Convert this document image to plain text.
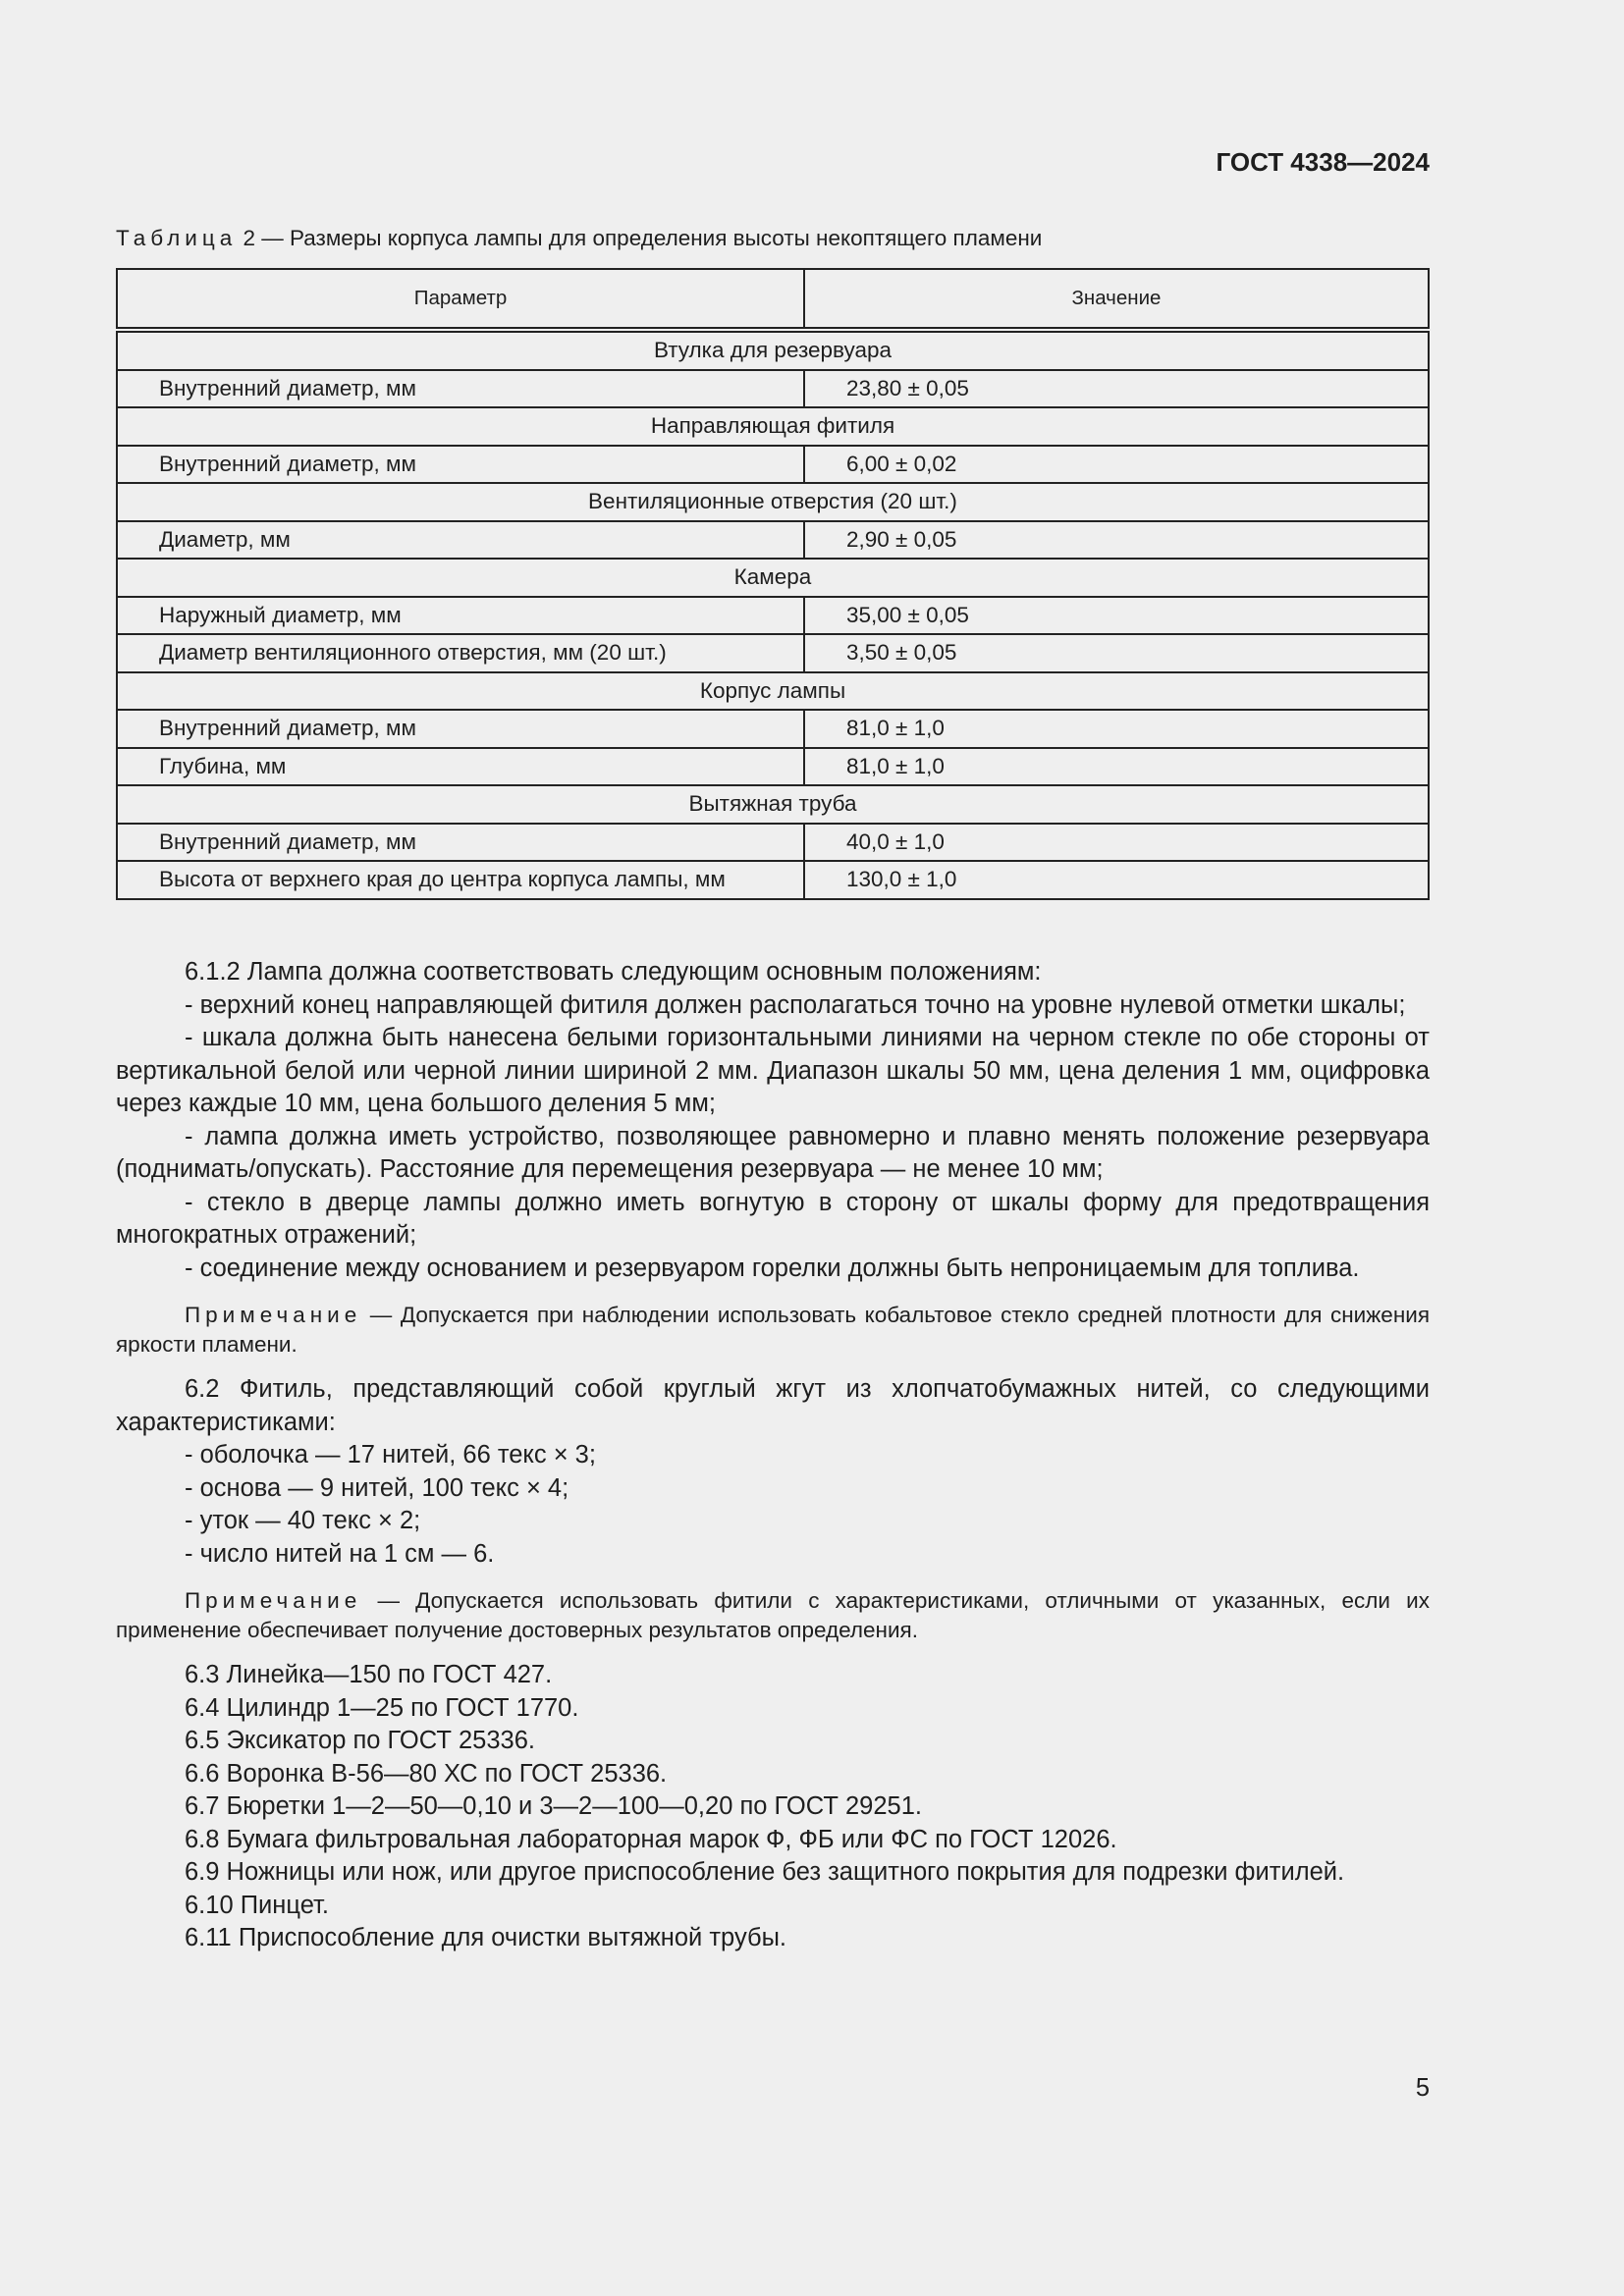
ГОСТ 4338—2024
Таблица 2 — Размеры корпуса лампы для определения высоты некоптящего пламени
Параметр	Значение
Втулка для резервуара	
Внутренний диаметр, мм	23,80 ± 0,05
Направляющая фитиля	
Внутренний диаметр, мм	6,00 ± 0,02
Вентиляционные отверстия (20 шт.)	
Диаметр, мм	2,90 ± 0,05
Камера	
Наружный диаметр, мм	35,00 ± 0,05
Диаметр вентиляционного отверстия, мм (20 шт.)	3,50 ± 0,05
Корпус лампы	
Внутренний диаметр, мм	81,0 ± 1,0
Глубина, мм	81,0 ± 1,0
Вытяжная труба	
Внутренний диаметр, мм	40,0 ± 1,0
Высота от верхнего края до центра корпуса лампы, мм	130,0 ± 1,0

6.1.2 Лампа должна соответствовать следующим основным положениям:

- верхний конец направляющей фитиля должен располагаться точно на уровне нулевой отметки шкалы;

- шкала должна быть нанесена белыми горизонтальными линиями на черном стекле по обе стороны от вертикальной белой или черной линии шириной 2 мм. Диапазон шкалы 50 мм, цена деления 1 мм, оцифровка через каждые 10 мм, цена большого деления 5 мм;

- лампа должна иметь устройство, позволяющее равномерно и плавно менять положение резервуара (поднимать/опускать). Расстояние для перемещения резервуара — не менее 10 мм;

- стекло в дверце лампы должно иметь вогнутую в сторону от шкалы форму для предотвращения многократных отражений;

- соединение между основанием и резервуаром горелки должны быть непроницаемым для топлива.

Примечание — Допускается при наблюдении использовать кобальтовое стекло средней плотности для снижения яркости пламени.

6.2 Фитиль, представляющий собой круглый жгут из хлопчатобумажных нитей, со следующими характеристиками:

- оболочка — 17 нитей, 66 текс × 3;

- основа — 9 нитей, 100 текс × 4;

- уток — 40 текс × 2;

- число нитей на 1 см — 6.

Примечание — Допускается использовать фитили с характеристиками, отличными от указанных, если их применение обеспечивает получение достоверных результатов определения.

6.3 Линейка—150 по ГОСТ 427.

6.4 Цилиндр 1—25 по ГОСТ 1770.

6.5 Эксикатор по ГОСТ 25336.

6.6 Воронка В-56—80 ХС по ГОСТ 25336.

6.7 Бюретки 1—2—50—0,10 и 3—2—100—0,20 по ГОСТ 29251.

6.8 Бумага фильтровальная лабораторная марок Ф, ФБ или ФС по ГОСТ 12026.

6.9 Ножницы или нож, или другое приспособление без защитного покрытия для подрезки фитилей.

6.10 Пинцет.

6.11 Приспособление для очистки вытяжной трубы.

5
